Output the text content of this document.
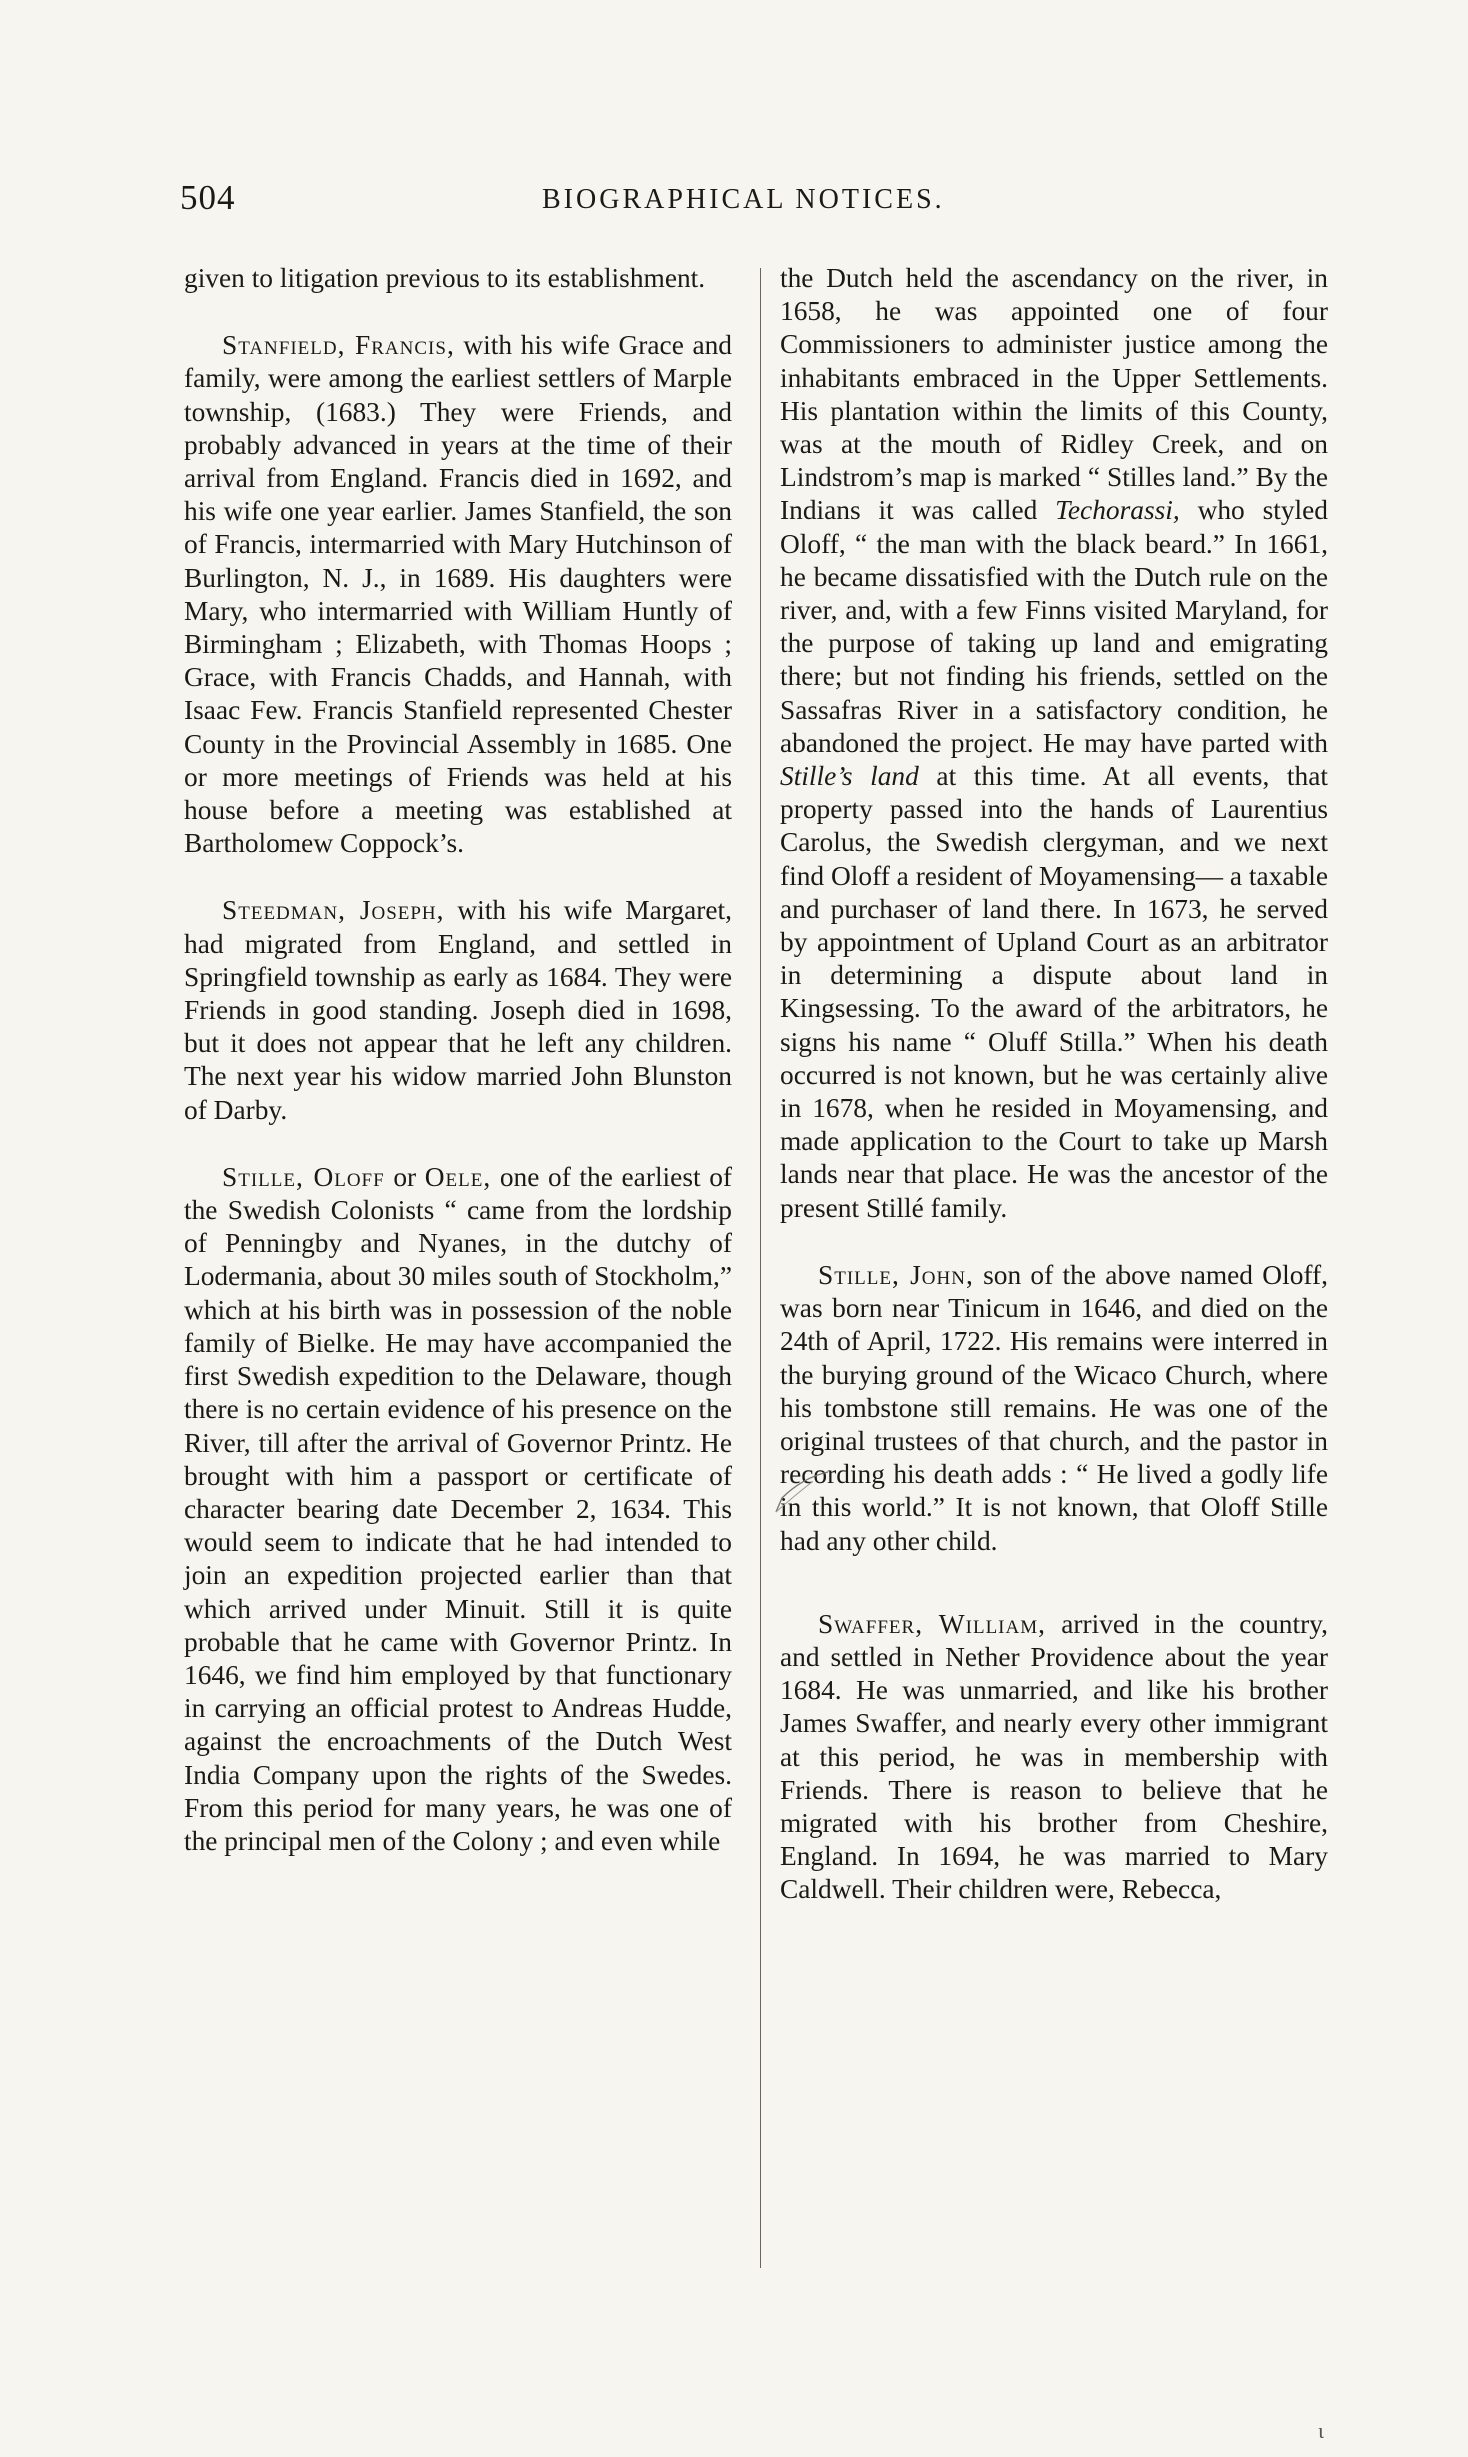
504	BIOGRAPHICAL NOTICES.

given to litigation previous to its establishment.

Stanfield, Francis, with his wife Grace and family, were among the earliest settlers of Marple township, (1683.) They were Friends, and probably advanced in years at the time of their arrival from England. Francis died in 1692, and his wife one year earlier. James Stanfield, the son of Francis, intermarried with Mary Hutchinson of Burlington, N. J., in 1689. His daughters were Mary, who intermarried with William Huntly of Birmingham ; Elizabeth, with Thomas Hoops ; Grace, with Francis Chadds, and Hannah, with Isaac Few. Francis Stanfield represented Chester County in the Provincial Assembly in 1685. One or more meetings of Friends was held at his house before a meeting was established at Bartholomew Coppock’s.

Steedman, Joseph, with his wife Margaret, had migrated from England, and settled in Springfield township as early as 1684. They were Friends in good standing. Joseph died in 1698, but it does not appear that he left any children. The next year his widow married John Blunston of Darby.

Stille, Oloff or Oele, one of the earliest of the Swedish Colonists “ came from the lordship of Penningby and Nyanes, in the dutchy of Lodermania, about 30 miles south of Stockholm,” which at his birth was in possession of the noble family of Bielke. He may have accompanied the first Swedish expedition to the Delaware, though there is no certain evidence of his presence on the River, till after the arrival of Governor Printz. He brought with him a passport or certificate of character bearing date December 2, 1634. This would seem to indicate that he had intended to join an expedition projected earlier than that which arrived under Minuit. Still it is quite probable that he came with Governor Printz. In 1646, we find him employed by that functionary in carrying an official protest to Andreas Hudde, against the encroachments of the Dutch West India Company upon the rights of the Swedes. From this period for many years, he was one of the principal men of the Colony ; and even while

the Dutch held the ascendancy on the river, in 1658, he was appointed one of four Commissioners to administer justice among the inhabitants embraced in the Upper Settlements. His plantation within the limits of this County, was at the mouth of Ridley Creek, and on Lindstrom’s map is marked “ Stilles land.” By the Indians it was called Techorassi, who styled Oloff, “ the man with the black beard.” In 1661, he became dissatisfied with the Dutch rule on the river, and, with a few Finns visited Maryland, for the purpose of taking up land and emigrating there; but not finding his friends, settled on the Sassafras River in a satisfactory condition, he abandoned the project. He may have parted with Stille’s land at this time. At all events, that property passed into the hands of Laurentius Carolus, the Swedish clergyman, and we next find Oloff a resident of Moyamensing— a taxable and purchaser of land there. In 1673, he served by appointment of Upland Court as an arbitrator in determining a dispute about land in Kingsessing. To the award of the arbitrators, he signs his name “ Oluff Stilla.” When his death occurred is not known, but he was certainly alive in 1678, when he resided in Moyamensing, and made application to the Court to take up Marsh lands near that place. He was the ancestor of the present Stillé family.

Stille, John, son of the above named Oloff, was born near Tinicum in 1646, and died on the 24th of April, 1722. His remains were interred in the burying ground of the Wicaco Church, where his tombstone still remains. He was one of the original trustees of that church, and the pastor in recording his death adds : “ He lived a godly life in this world.” It is not known, that Oloff Stille had any other child.

Swaffer, William, arrived in the country, and settled in Nether Providence about the year 1684. He was unmarried, and like his brother James Swaffer, and nearly every other immigrant at this period, he was in membership with Friends. There is reason to believe that he migrated with his brother from Cheshire, England. In 1694, he was married to Mary Caldwell. Their children were, Rebecca,

ɩ
